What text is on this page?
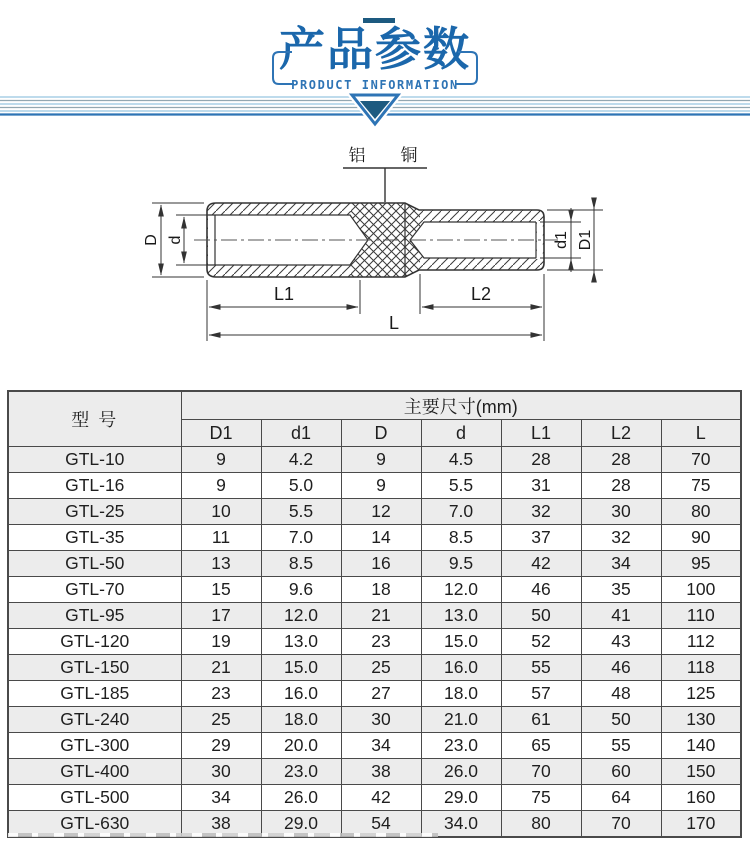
产品参数
PRODUCT INFORMATION
铝 铜
D d	d1 D1
L1	L2
L
型 号	主要尺寸(mm)						
	D1	d1	D	d	L1	L2	L
GTL-10	9	4.2	9	4.5	28	28	70
GTL-16	9	5.0	9	5.5	31	28	75
GTL-25	10	5.5	12	7.0	32	30	80
GTL-35	11	7.0	14	8.5	37	32	90
GTL-50	13	8.5	16	9.5	42	34	95
GTL-70	15	9.6	18	12.0	46	35	100
GTL-95	17	12.0	21	13.0	50	41	110
GTL-120	19	13.0	23	15.0	52	43	112
GTL-150	21	15.0	25	16.0	55	46	118
GTL-185	23	16.0	27	18.0	57	48	125
GTL-240	25	18.0	30	21.0	61	50	130
GTL-300	29	20.0	34	23.0	65	55	140
GTL-400	30	23.0	38	26.0	70	60	150
GTL-500	34	26.0	42	29.0	75	64	160
GTL-630	38	29.0	54	34.0	80	70	170
